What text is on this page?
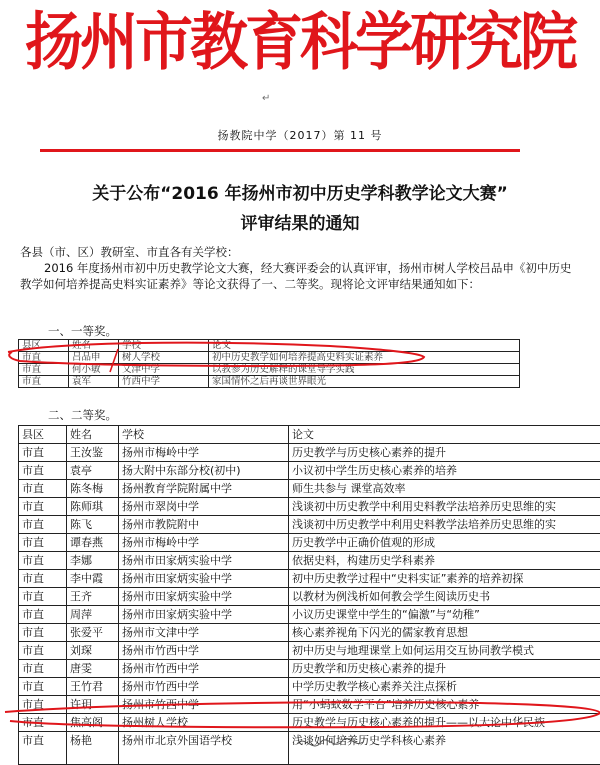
扬州市教育科学研究院
↵
扬教院中学（2017）第 11 号
关于公布“2016 年扬州市初中历史学科教学论文大赛”
评审结果的通知

各县（市、区）教研室、市直各有关学校：

2016 年度扬州市初中历史教学论文大赛，经大赛评委会的认真评审，扬州市树人学校吕品申《初中历史教学如何培养提高史料实证素养》等论文获得了一、二等奖。现将论文评审结果通知如下：

一、一等奖。
县区	姓名	学校	论文
市直	吕品申	树人学校	初中历史教学如何培养提高史料实证素养
市直	何小敏	文津中学	以教参为历史解释的课堂导学实践
市直	袁军	竹西中学	家国情怀之后再谈世界眼光
二、二等奖。
县区	姓名	学校	论文
市直	王汝鉴	扬州市梅岭中学	历史教学与历史核心素养的提升
市直	袁亭	扬大附中东部分校(初中)	小议初中学生历史核心素养的培养
市直	陈冬梅	扬州教育学院附属中学	师生共参与 课堂高效率
市直	陈师琪	扬州市翠岗中学	浅谈初中历史教学中利用史料教学法培养历史思维的实
市直	陈飞	扬州市教院附中	浅谈初中历史教学中利用史料教学法培养历史思维的实
市直	谭春燕	扬州市梅岭中学	历史教学中正确价值观的形成
市直	李娜	扬州市田家炳实验中学	依据史料，构建历史学科素养
市直	李中霞	扬州市田家炳实验中学	初中历史教学过程中“史料实证”素养的培养初探
市直	王齐	扬州市田家炳实验中学	以教材为例浅析如何教会学生阅读历史书
市直	周萍	扬州市田家炳实验中学	小议历史课堂中学生的“偏激”与“幼稚”
市直	张爱平	扬州市文津中学	核心素养视角下闪光的儒家教育思想
市直	刘琛	扬州市竹西中学	初中历史与地理课堂上如何运用交互协同教学模式
市直	唐雯	扬州市竹西中学	历史教学和历史核心素养的提升
市直	王竹君	扬州市竹西中学	中学历史教学核心素养关注点探析
市直	许玥	扬州市竹西中学	用“小蚂蚁数学平台”培养历史核心素养
市直	焦高阁	扬州树人学校	历史教学与历史核心素养的提升——以大论中华民族
市直	杨艳	扬州市北京外国语学校	浅谈如何培养历史学科核心素养
